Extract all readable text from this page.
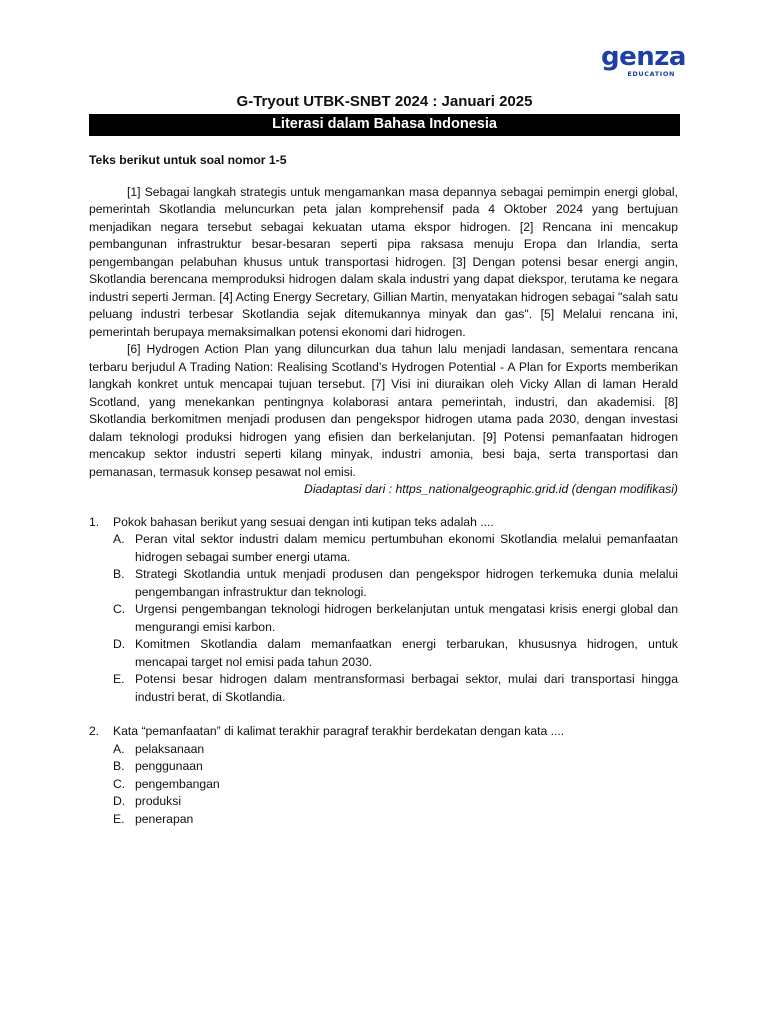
genza
EDUCATION
G-Tryout UTBK-SNBT 2024 : Januari 2025
Literasi dalam Bahasa Indonesia

Teks berikut untuk soal nomor 1-5

[1] Sebagai langkah strategis untuk mengamankan masa depannya sebagai pemimpin energi global, pemerintah Skotlandia meluncurkan peta jalan komprehensif pada 4 Oktober 2024 yang bertujuan menjadikan negara tersebut sebagai kekuatan utama ekspor hidrogen. [2] Rencana ini mencakup pembangunan infrastruktur besar-besaran seperti pipa raksasa menuju Eropa dan Irlandia, serta pengembangan pelabuhan khusus untuk transportasi hidrogen. [3] Dengan potensi besar energi angin, Skotlandia berencana memproduksi hidrogen dalam skala industri yang dapat diekspor, terutama ke negara industri seperti Jerman. [4] Acting Energy Secretary, Gillian Martin, menyatakan hidrogen sebagai "salah satu peluang industri terbesar Skotlandia sejak ditemukannya minyak dan gas". [5] Melalui rencana ini, pemerintah berupaya memaksimalkan potensi ekonomi dari hidrogen.

[6] Hydrogen Action Plan yang diluncurkan dua tahun lalu menjadi landasan, sementara rencana terbaru berjudul A Trading Nation: Realising Scotland’s Hydrogen Potential - A Plan for Exports memberikan langkah konkret untuk mencapai tujuan tersebut. [7] Visi ini diuraikan oleh Vicky Allan di laman Herald Scotland, yang menekankan pentingnya kolaborasi antara pemerintah, industri, dan akademisi. [8] Skotlandia berkomitmen menjadi produsen dan pengekspor hidrogen utama pada 2030, dengan investasi dalam teknologi produksi hidrogen yang efisien dan berkelanjutan. [9] Potensi pemanfaatan hidrogen mencakup sektor industri seperti kilang minyak, industri amonia, besi baja, serta transportasi dan pemanasan, termasuk konsep pesawat nol emisi.

Diadaptasi dari : https_nationalgeographic.grid.id (dengan modifikasi)

1.	Pokok bahasan berikut yang sesuai dengan inti kutipan teks adalah ....

A. Peran vital sektor industri dalam memicu pertumbuhan ekonomi Skotlandia melalui pemanfaatan hidrogen sebagai sumber energi utama.
B. Strategi Skotlandia untuk menjadi produsen dan pengekspor hidrogen terkemuka dunia melalui pengembangan infrastruktur dan teknologi.
C. Urgensi pengembangan teknologi hidrogen berkelanjutan untuk mengatasi krisis energi global dan mengurangi emisi karbon.
D. Komitmen Skotlandia dalam memanfaatkan energi terbarukan, khususnya hidrogen, untuk mencapai target nol emisi pada tahun 2030.
E. Potensi besar hidrogen dalam mentransformasi berbagai sektor, mulai dari transportasi hingga industri berat, di Skotlandia.
2.	Kata “pemanfaatan” di kalimat terakhir paragraf terakhir berdekatan dengan kata ....

A. pelaksanaan
B. penggunaan
C. pengembangan
D. produksi
E. penerapan
